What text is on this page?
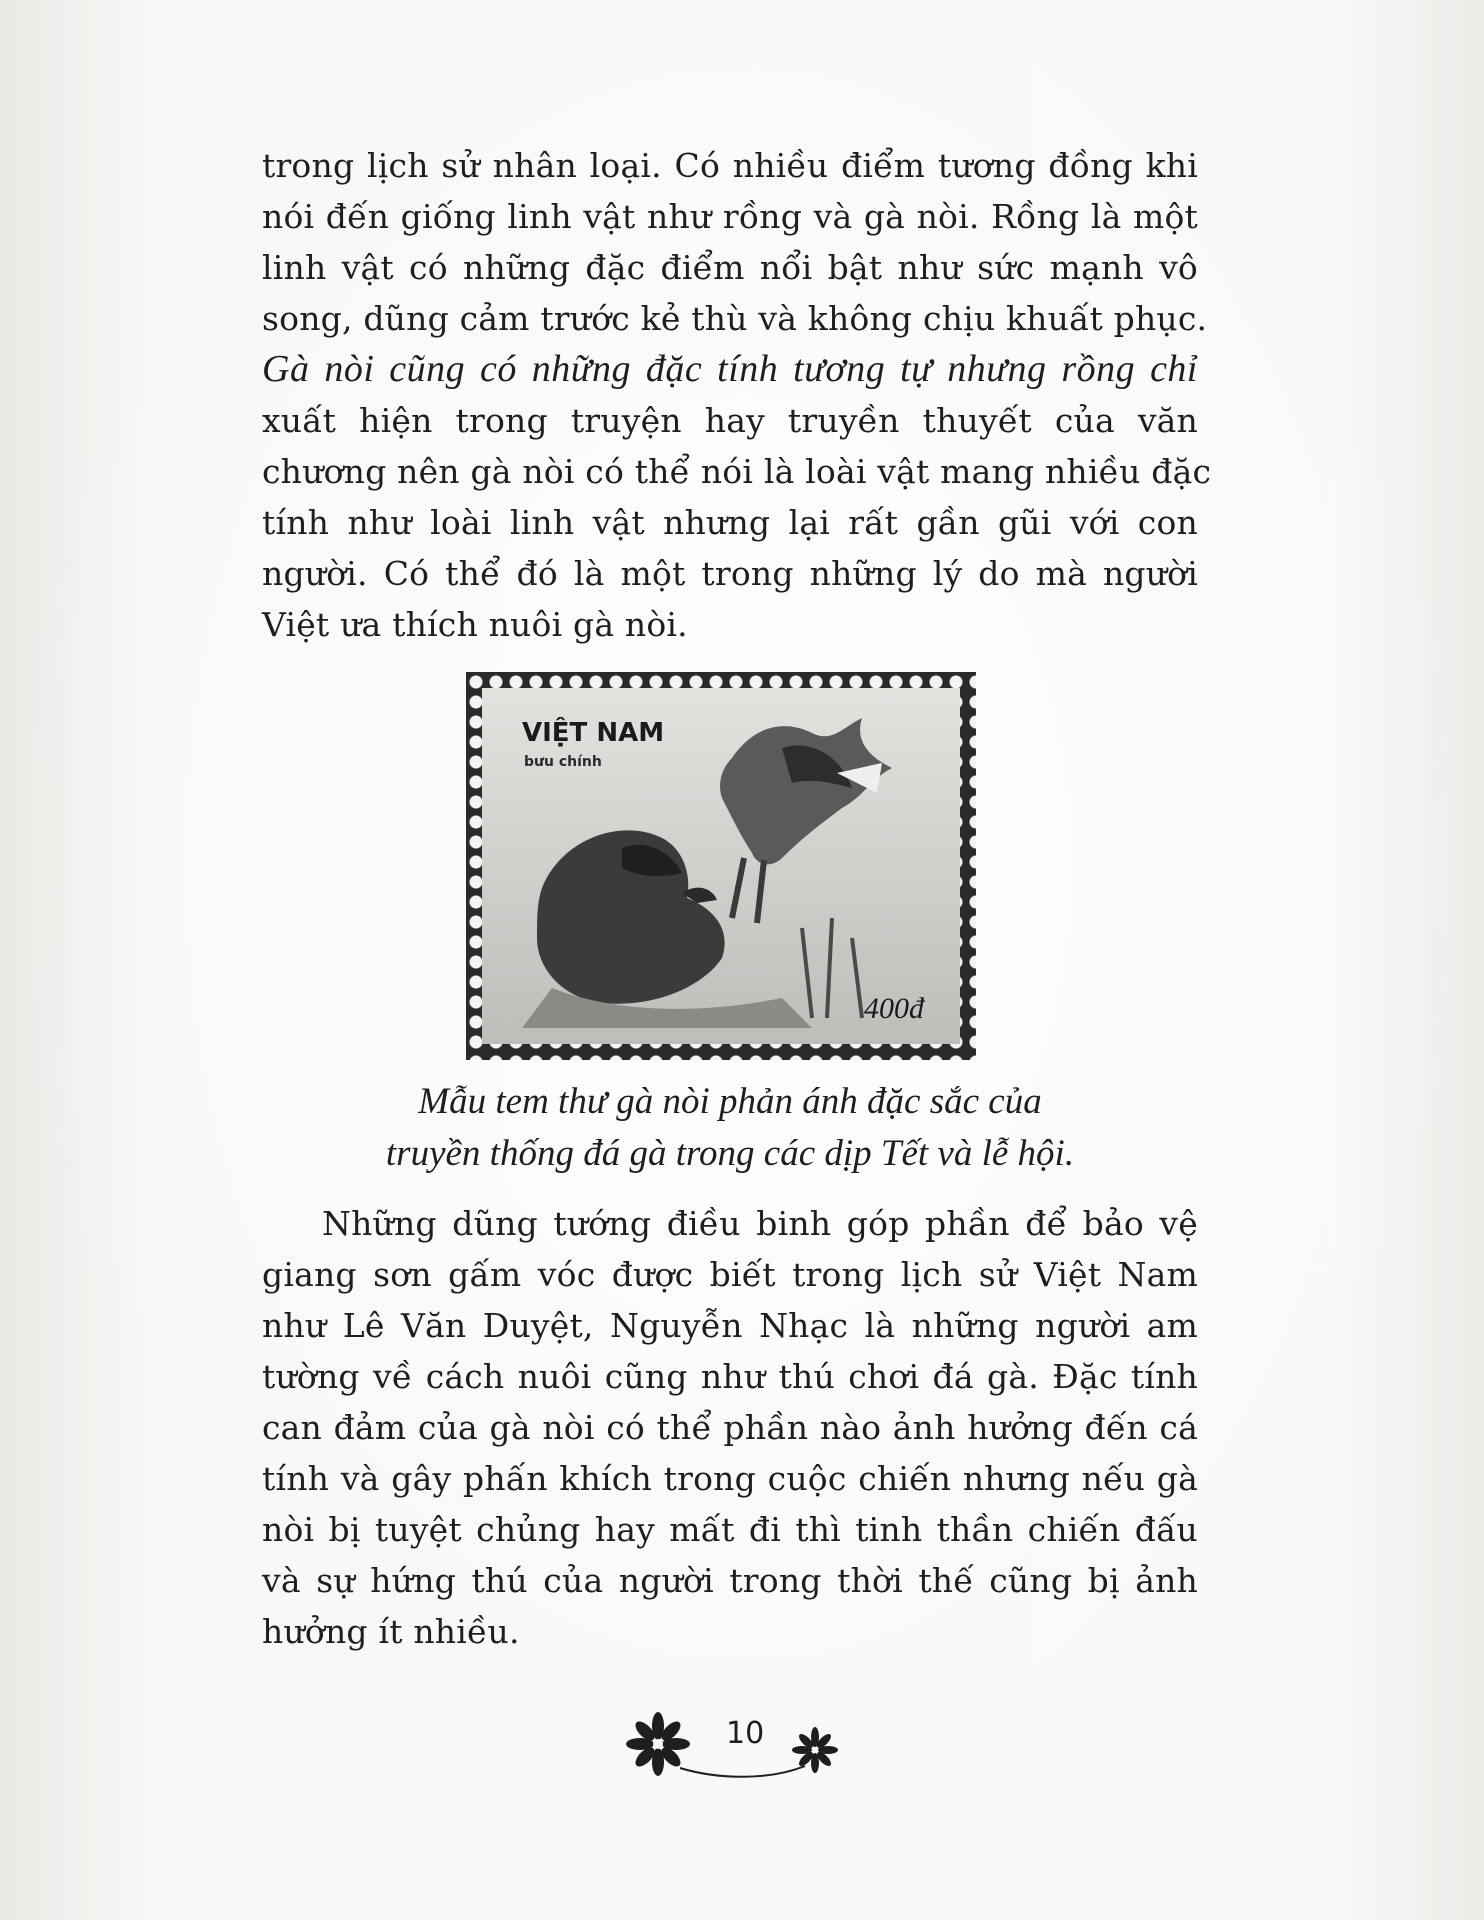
trong lịch sử nhân loại. Có nhiều điểm tương đồng khi
nói đến giống linh vật như rồng và gà nòi. Rồng là một
linh vật có những đặc điểm nổi bật như sức mạnh vô
song, dũng cảm trước kẻ thù và không chịu khuất phục.
Gà nòi cũng có những đặc tính tương tự nhưng rồng chỉ
xuất hiện trong truyện hay truyền thuyết của văn
chương nên gà nòi có thể nói là loài vật mang nhiều đặc
tính như loài linh vật nhưng lại rất gần gũi với con
người. Có thể đó là một trong những lý do mà người
Việt ưa thích nuôi gà nòi.
VIỆT NAM
bưu chính
400đ
Mẫu tem thư gà nòi phản ánh đặc sắc của
truyền thống đá gà trong các dịp Tết và lễ hội.
Những dũng tướng điều binh góp phần để bảo vệ
giang sơn gấm vóc được biết trong lịch sử Việt Nam
như Lê Văn Duyệt, Nguyễn Nhạc là những người am
tường về cách nuôi cũng như thú chơi đá gà. Đặc tính
can đảm của gà nòi có thể phần nào ảnh hưởng đến cá
tính và gây phấn khích trong cuộc chiến nhưng nếu gà
nòi bị tuyệt chủng hay mất đi thì tinh thần chiến đấu
và sự hứng thú của người trong thời thế cũng bị ảnh
hưởng ít nhiều.
10
